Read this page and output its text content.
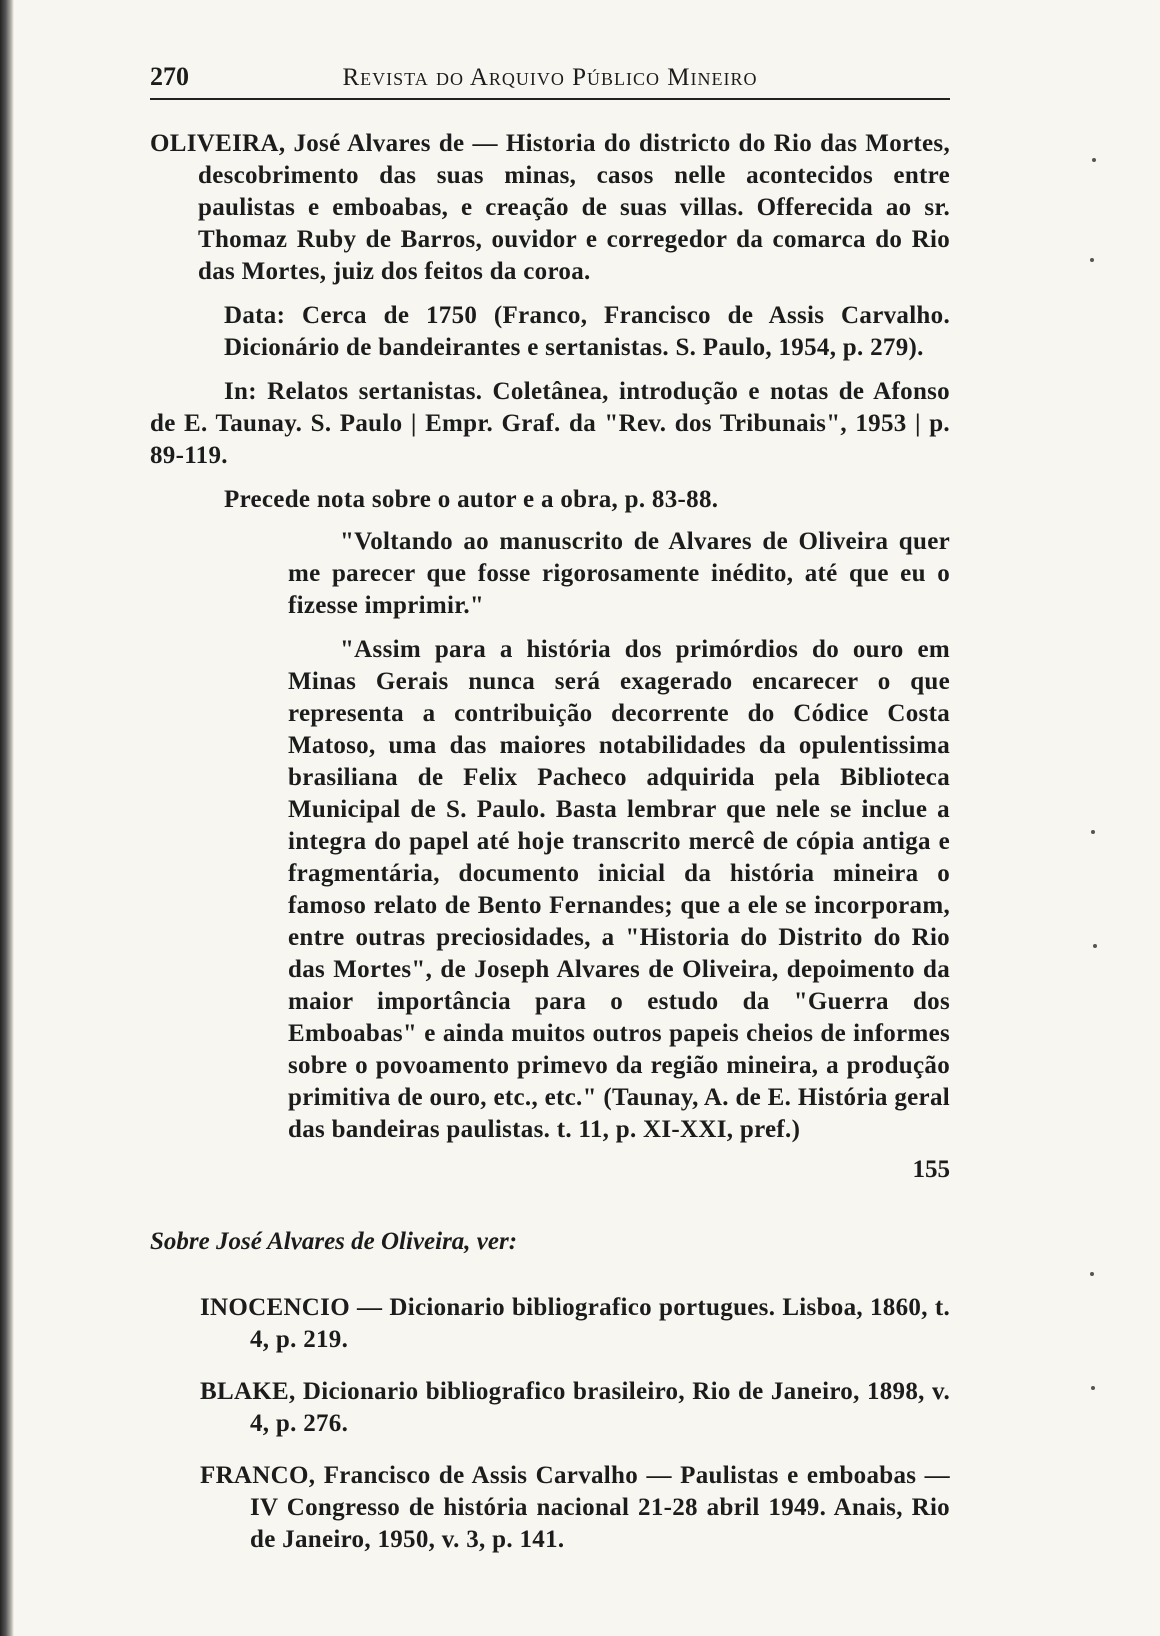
270	Revista do Arquivo Público Mineiro

OLIVEIRA, José Alvares de — Historia do districto do Rio das Mortes, descobrimento das suas minas, casos nelle acontecidos entre paulistas e emboabas, e creação de suas villas. Offerecida ao sr. Thomaz Ruby de Barros, ouvidor e corregedor da comarca do Rio das Mortes, juiz dos feitos da coroa.

Data: Cerca de 1750 (Franco, Francisco de Assis Carvalho. Dicionário de bandeirantes e sertanistas. S. Paulo, 1954, p. 279).

In: Relatos sertanistas. Coletânea, introdução e notas de Afonso de E. Taunay. S. Paulo | Empr. Graf. da "Rev. dos Tribunais", 1953 | p. 89-119.

Precede nota sobre o autor e a obra, p. 83-88.

"Voltando ao manuscrito de Alvares de Oliveira quer me parecer que fosse rigorosamente inédito, até que eu o fizesse imprimir."

"Assim para a história dos primórdios do ouro em Minas Gerais nunca será exagerado encarecer o que representa a contribuição decorrente do Códice Costa Matoso, uma das maiores notabilidades da opulentissima brasiliana de Felix Pacheco adquirida pela Biblioteca Municipal de S. Paulo. Basta lembrar que nele se inclue a integra do papel até hoje transcrito mercê de cópia antiga e fragmentária, documento inicial da história mineira o famoso relato de Bento Fernandes; que a ele se incorporam, entre outras preciosidades, a "Historia do Distrito do Rio das Mortes", de Joseph Alvares de Oliveira, depoimento da maior importância para o estudo da "Guerra dos Emboabas" e ainda muitos outros papeis cheios de informes sobre o povoamento primevo da região mineira, a produção primitiva de ouro, etc., etc." (Taunay, A. de E. História geral das bandeiras paulistas. t. 11, p. XI-XXI, pref.)

155
Sobre José Alvares de Oliveira, ver:

INOCENCIO — Dicionario bibliografico portugues. Lisboa, 1860, t. 4, p. 219.

BLAKE, Dicionario bibliografico brasileiro, Rio de Janeiro, 1898, v. 4, p. 276.

FRANCO, Francisco de Assis Carvalho — Paulistas e emboabas — IV Congresso de história nacional 21-28 abril 1949. Anais, Rio de Janeiro, 1950, v. 3, p. 141.
